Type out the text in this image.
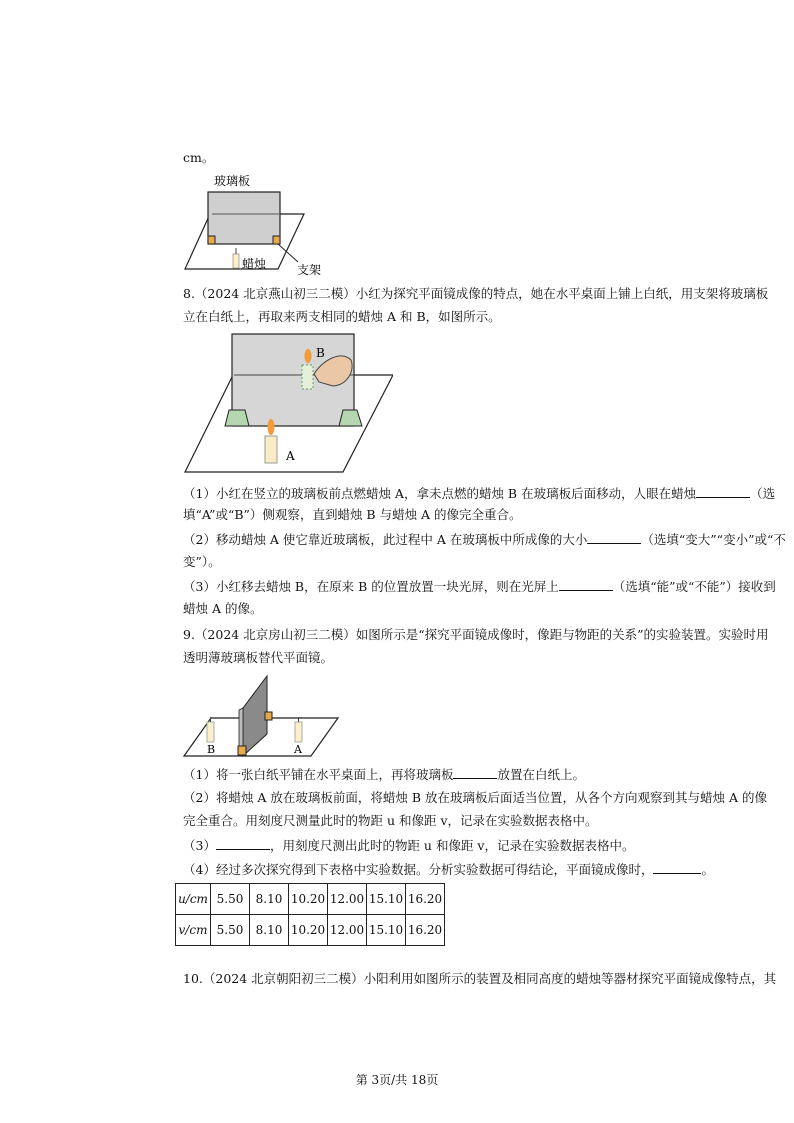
cm。
玻璃板
蜡烛	支架
8.（2024 北京燕山初三二模）小红为探究平面镜成像的特点，她在水平桌面上铺上白纸，用支架将玻璃板
立在白纸上，再取来两支相同的蜡烛 A 和 B，如图所示。
B
A
（1）小红在竖立的玻璃板前点燃蜡烛 A，拿未点燃的蜡烛 B 在玻璃板后面移动，人眼在蜡烛	（选
填“A”或“B”）侧观察，直到蜡烛 B 与蜡烛 A 的像完全重合。
（2）移动蜡烛 A 使它靠近玻璃板，此过程中 A 在玻璃板中所成像的大小	（选填“变大”“变小”或“不
变”）。
（3）小红移去蜡烛 B，在原来 B 的位置放置一块光屏，则在光屏上	（选填“能”或“不能”）接收到
蜡烛 A 的像。
9.（2024 北京房山初三二模）如图所示是“探究平面镜成像时，像距与物距的关系”的实验装置。实验时用
透明薄玻璃板替代平面镜。
B	A
（1）将一张白纸平铺在水平桌面上，再将玻璃板	放置在白纸上。
（2）将蜡烛 A 放在玻璃板前面，将蜡烛 B 放在玻璃板后面适当位置，从各个方向观察到其与蜡烛 A 的像
完全重合。用刻度尺测量此时的物距 u 和像距 v，记录在实验数据表格中。
（3）	，用刻度尺测出此时的物距 u 和像距 v，记录在实验数据表格中。
（4）经过多次探究得到下表格中实验数据。分析实验数据可得结论，平面镜成像时，	。
u/cm	5.50	8.10	10.20	12.00	15.10	16.20
v/cm	5.50	8.10	10.20	12.00	15.10	16.20
10.（2024 北京朝阳初三二模）小阳利用如图所示的装置及相同高度的蜡烛等器材探究平面镜成像特点，其
第 3页/共 18页
